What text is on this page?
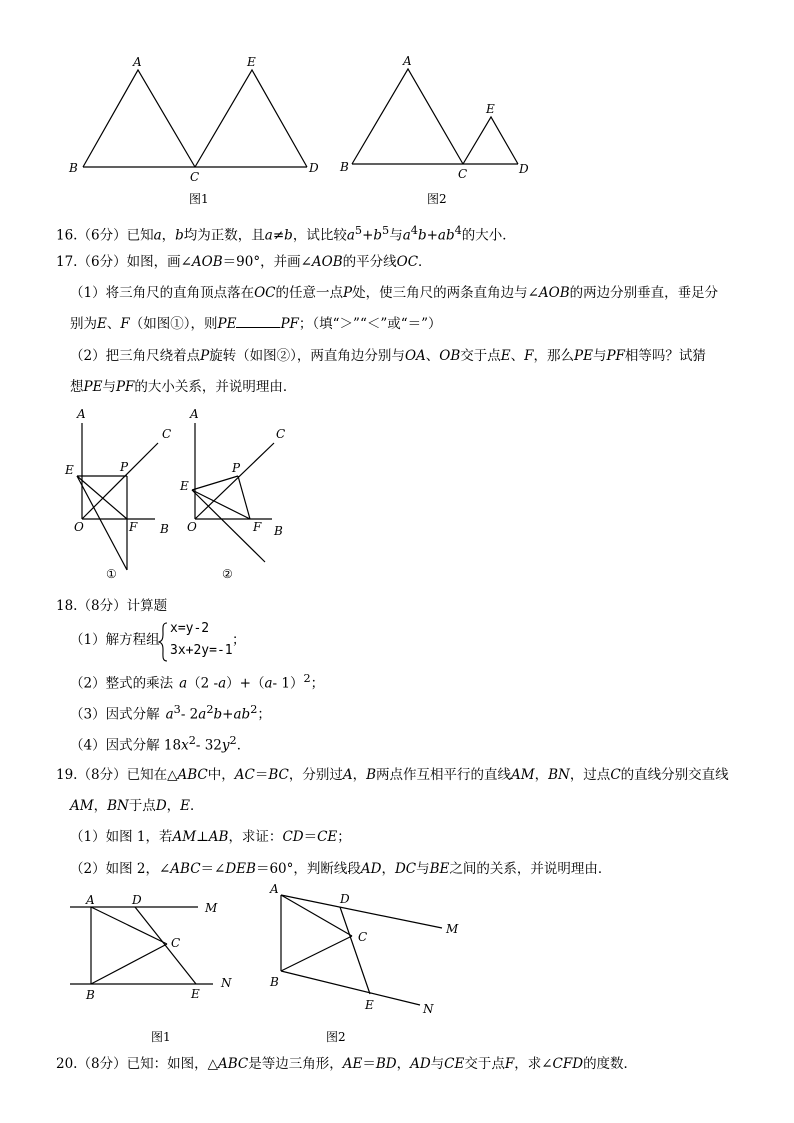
A	E
B
C
D
A
E
B	C	D
A
C
E	P
O	F B
A
C
E
P
O	F B
A	D
M
C
B	E
N
A
D
M
C
B
E	N
图1	图2
①	②
图1	图2
16.（6分）已知a，b均为正数，且a≠b，试比较$a^5+b^5$与$a^4b+ab^4$的大小．
17.（6分）如图，画∠AOB＝90°，并画∠AOB的平分线OC．
（1）将三角尺的直角顶点落在OC的任意一点P处，使三角尺的两条直角边与∠AOB的两边分别垂直，垂足分
别为E、F（如图①），则PE	PF；（填“＞”“＜”或“＝”）
（2）把三角尺绕着点P旋转（如图②），两直角边分别与OA、OB交于点E、F，那么PE与PF相等吗？试猜
想PE与PF的大小关系，并说明理由．
18.（8分）计算题
（1）解方程组
x=y-2
3x+2y=-1
；
（2）整式的乘法 a（2 -a）+（a- 1）$^2$；
（3）因式分解 $a^3-$ $2a^2b+ab^2$；
（4）因式分解 $18x^2-$ $32y^2$．
19.（8分）已知在△ABC中，AC＝BC，分别过A，B两点作互相平行的直线AM，BN，过点C的直线分别交直线
AM，BN于点D，E．
（1）如图 1，若AM⊥AB，求证：CD＝CE；
（2）如图 2，∠ABC＝∠DEB＝60°，判断线段AD，DC与BE之间的关系，并说明理由．
20.（8分）已知：如图，△ABC是等边三角形，AE＝BD，AD与CE交于点F，求∠CFD的度数．
